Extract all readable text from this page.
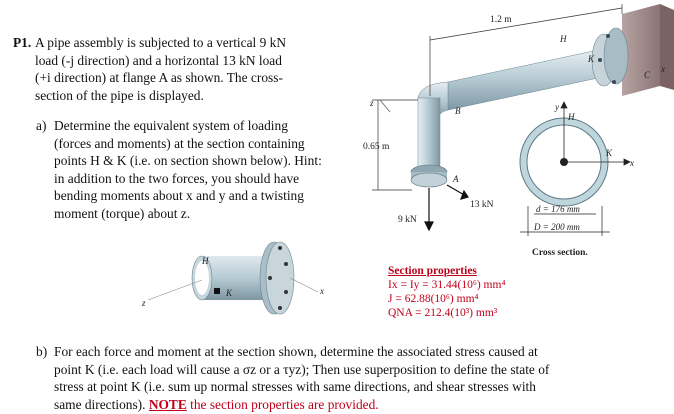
P1. A pipe assembly is subjected to a vertical 9 kN
load (-j direction) and a horizontal 13 kN load
(+i direction) at flange A as shown. The cross-
section of the pipe is displayed.
a) Determine the equivalent system of loading
(forces and moments) at the section containing
points H & K (i.e. on section shown below). Hint:
in addition to the two forces, you should have
bending moments about x and y and a twisting
moment (torque) about z.
b) For each force and moment at the section shown, determine the associated stress caused at
point K (i.e. each load will cause a σz or a τyz); Then use superposition to define the state of
stress at point K (i.e. sum up normal stresses with same directions, and shear stresses with
same directions). NOTE the section properties are provided.
Section properties
Ix = Iy = 31.44(10⁶) mm⁴
J = 62.88(10⁶) mm⁴
QNA = 212.4(10³) mm³
1.2 m
0.65 m
z
9 kN
13 kN
A
B
C
H
K
x
y
H
K
x
d = 176 mm
D = 200 mm
Cross section.
H
K	x
z
